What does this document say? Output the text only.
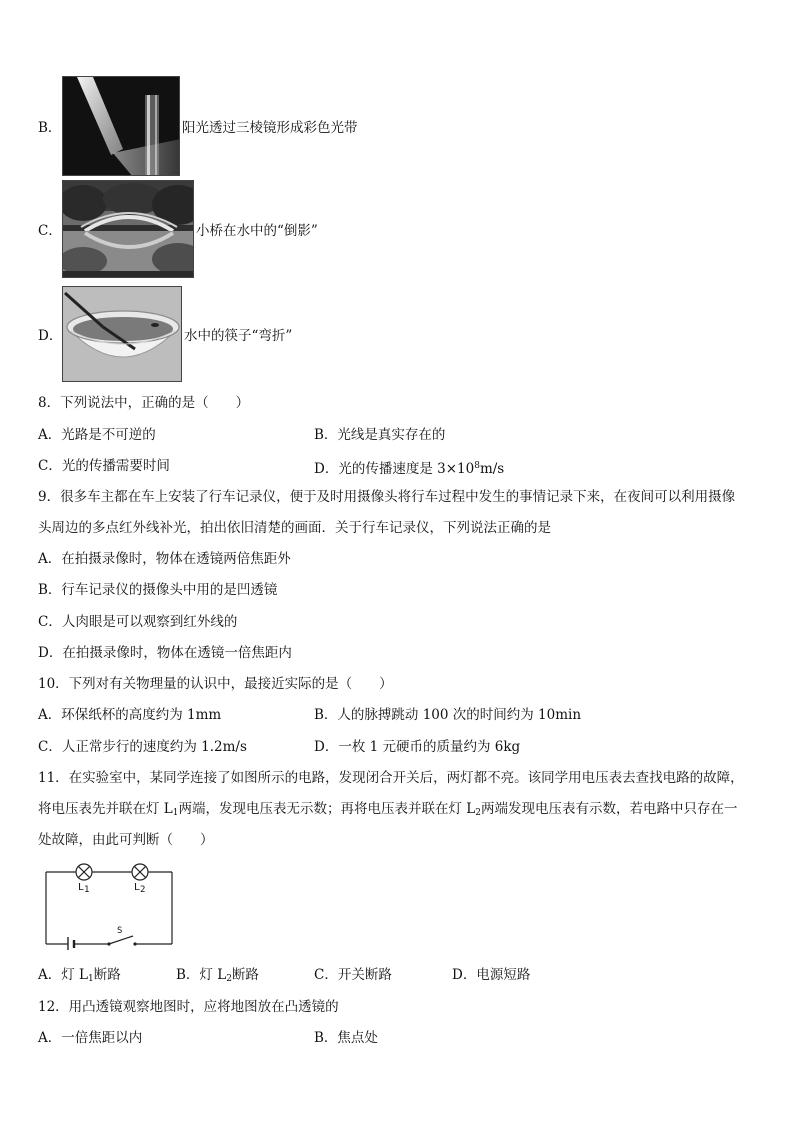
B．	阳光透过三棱镜形成彩色光带
C．	小桥在水中的“倒影”
D．	水中的筷子“弯折”
8．下列说法中，正确的是（　　）
A．光路是不可逆的	B．光线是真实存在的
C．光的传播需要时间	D．光的传播速度是 $3\times 10^8m/s$
9．很多车主都在车上安装了行车记录仪，便于及时用摄像头将行车过程中发生的事情记录下来，在夜间可以利用摄像
头周边的多点红外线补光，拍出依旧清楚的画面．关于行车记录仪，下列说法正确的是
A．在拍摄录像时，物体在透镜两倍焦距外
B．行车记录仪的摄像头中用的是凹透镜
C．人肉眼是可以观察到红外线的
D．在拍摄录像时，物体在透镜一倍焦距内
10．下列对有关物理量的认识中，最接近实际的是（　　）
A．环保纸杯的高度约为 1mm	B．人的脉搏跳动 100 次的时间约为 10min
C．人正常步行的速度约为 1.2m/s	D．一枚 1 元硬币的质量约为 6kg
11．在实验室中，某同学连接了如图所示的电路，发现闭合开关后，两灯都不亮。该同学用电压表去查找电路的故障，
将电压表先并联在灯 $L_1$两端，发现电压表无示数；再将电压表并联在灯 $L_2$两端发现电压表有示数，若电路中只存在一
处故障，由此可判断（　　）
$L_1$	$L_2$
S
A．灯 $L_1$断路	B．灯 $L_2$断路	C．开关断路	D．电源短路
12．用凸透镜观察地图时，应将地图放在凸透镜的
A．一倍焦距以内	B．焦点处
